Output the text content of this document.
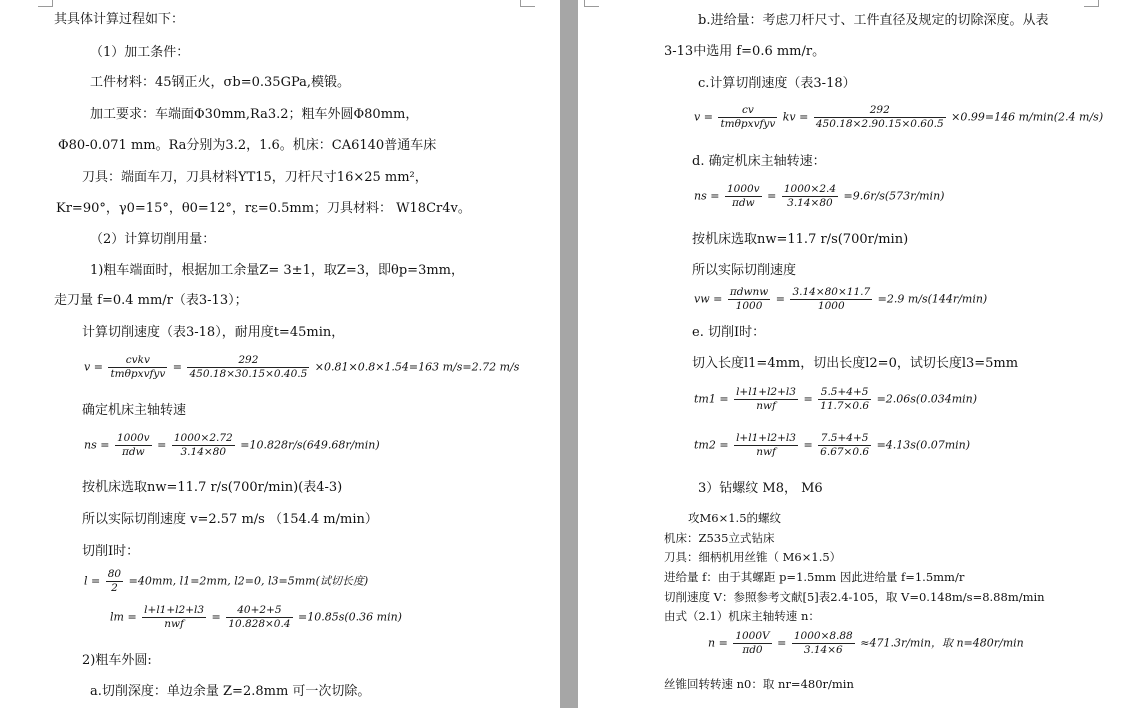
其具体计算过程如下：
（1）加工条件：
工件材料：45钢正火，σb=0.35GPa,模锻。
加工要求：车端面Φ30mm,Ra3.2；粗车外圆Φ80mm，
Φ80-0.071 mm。Ra分别为3.2，1.6。机床：CA6140普通车床
刀具：端面车刀，刀具材料YT15，刀杆尺寸16×25 mm²，
Kr=90°，γ0=15°，θ0=12°，rε=0.5mm；刀具材料： W18Cr4v。
（2）计算切削用量：
1)粗车端面时，根据加工余量Z= 3±1，取Z=3，即θp=3mm，
走刀量 f=0.4 mm/r（表3-13）；
计算切削速度（表3-18），耐用度t=45min，
$v = \frac{\text{cvkv}}{\text{tmθpxvfyv}} = \frac{292}{450.18\times 30.15\times 0.40.5} \times 0.81\times 0.8\times 1.54=163$ m/s=2.72 m/s
确定机床主轴转速
ns = $\frac{1000v}{\text{πdw}} = \frac{1000\times 2.72}{3.14\times 80} =10.828r/s(649.68r/\min)$
按机床选取nw=11.7 r/s(700r/min)(表4-3)
所以实际切削速度 v=2.57 m/s （154.4 m/min）
切削I时：
$l = \frac{80}{2} =40mm$, l1=2mm, l2=0, l3=5mm(试切长度)
lm = $\frac{l+l1+l2+l3}{\text{nwf}} = \frac{40+2+5}{10.828\times 0.4} =10.85s(0.36$ min)
2)粗车外圆:
a.切削深度：单边余量 Z=2.8mm 可一次切除。
b.进给量：考虑刀杆尺寸、工件直径及规定的切除深度。从表
3-13中选用 f=0.6 mm/r。
c.计算切削速度（表3-18）
$v = \frac{cv}{\text{tmθpxvfyv}}$ kv = $\frac{292}{450.18\times 2.90.15\times 0.60.5} \times 0.99=146$ m/min(2.4 m/s)
d. 确定机床主轴转速：
ns = $\frac{1000v}{\text{πdw}} = \frac{1000\times 2.4}{3.14\times 80} =9.6r/s(573r/\min)$
按机床选取nw=11.7 r/s(700r/min)
所以实际切削速度
vw = $\frac{\text{πdwnw}}{1000} = \frac{3.14\times 80\times 11.7}{1000} =2.9$ m/s(144r/min)
e. 切削I时：
切入长度l1=4mm，切出长度l2=0，试切长度l3=5mm
$tm1 = \frac{l+l1+l2+l3}{\text{nwf}} = \frac{5.5+4+5}{11.7\times 0.6} =2.06s(0.034\min)$
$tm2 = \frac{l+l1+l2+l3}{\text{nwf}} = \frac{7.5+4+5}{6.67\times 0.6} =4.13s(0.07\min)$
3）钻螺纹 M8， M6
攻M6×1.5的螺纹
机床：Z535立式钻床
刀具：细柄机用丝锥（ M6×1.5）
进给量 f：由于其螺距 p=1.5mm 因此进给量 f=1.5mm/r
切削速度 V：参照参考文献[5]表2.4-105，取 V=0.148m/s=8.88m/min
由式（2.1）机床主轴转速 n：
$n = \frac{1000V}{\pi d0} = \frac{1000\times 8.88}{3.14\times 6} \approx 471.3r/\min$，取 n=480r/min
丝锥回转转速 n0：取 nr=480r/min
